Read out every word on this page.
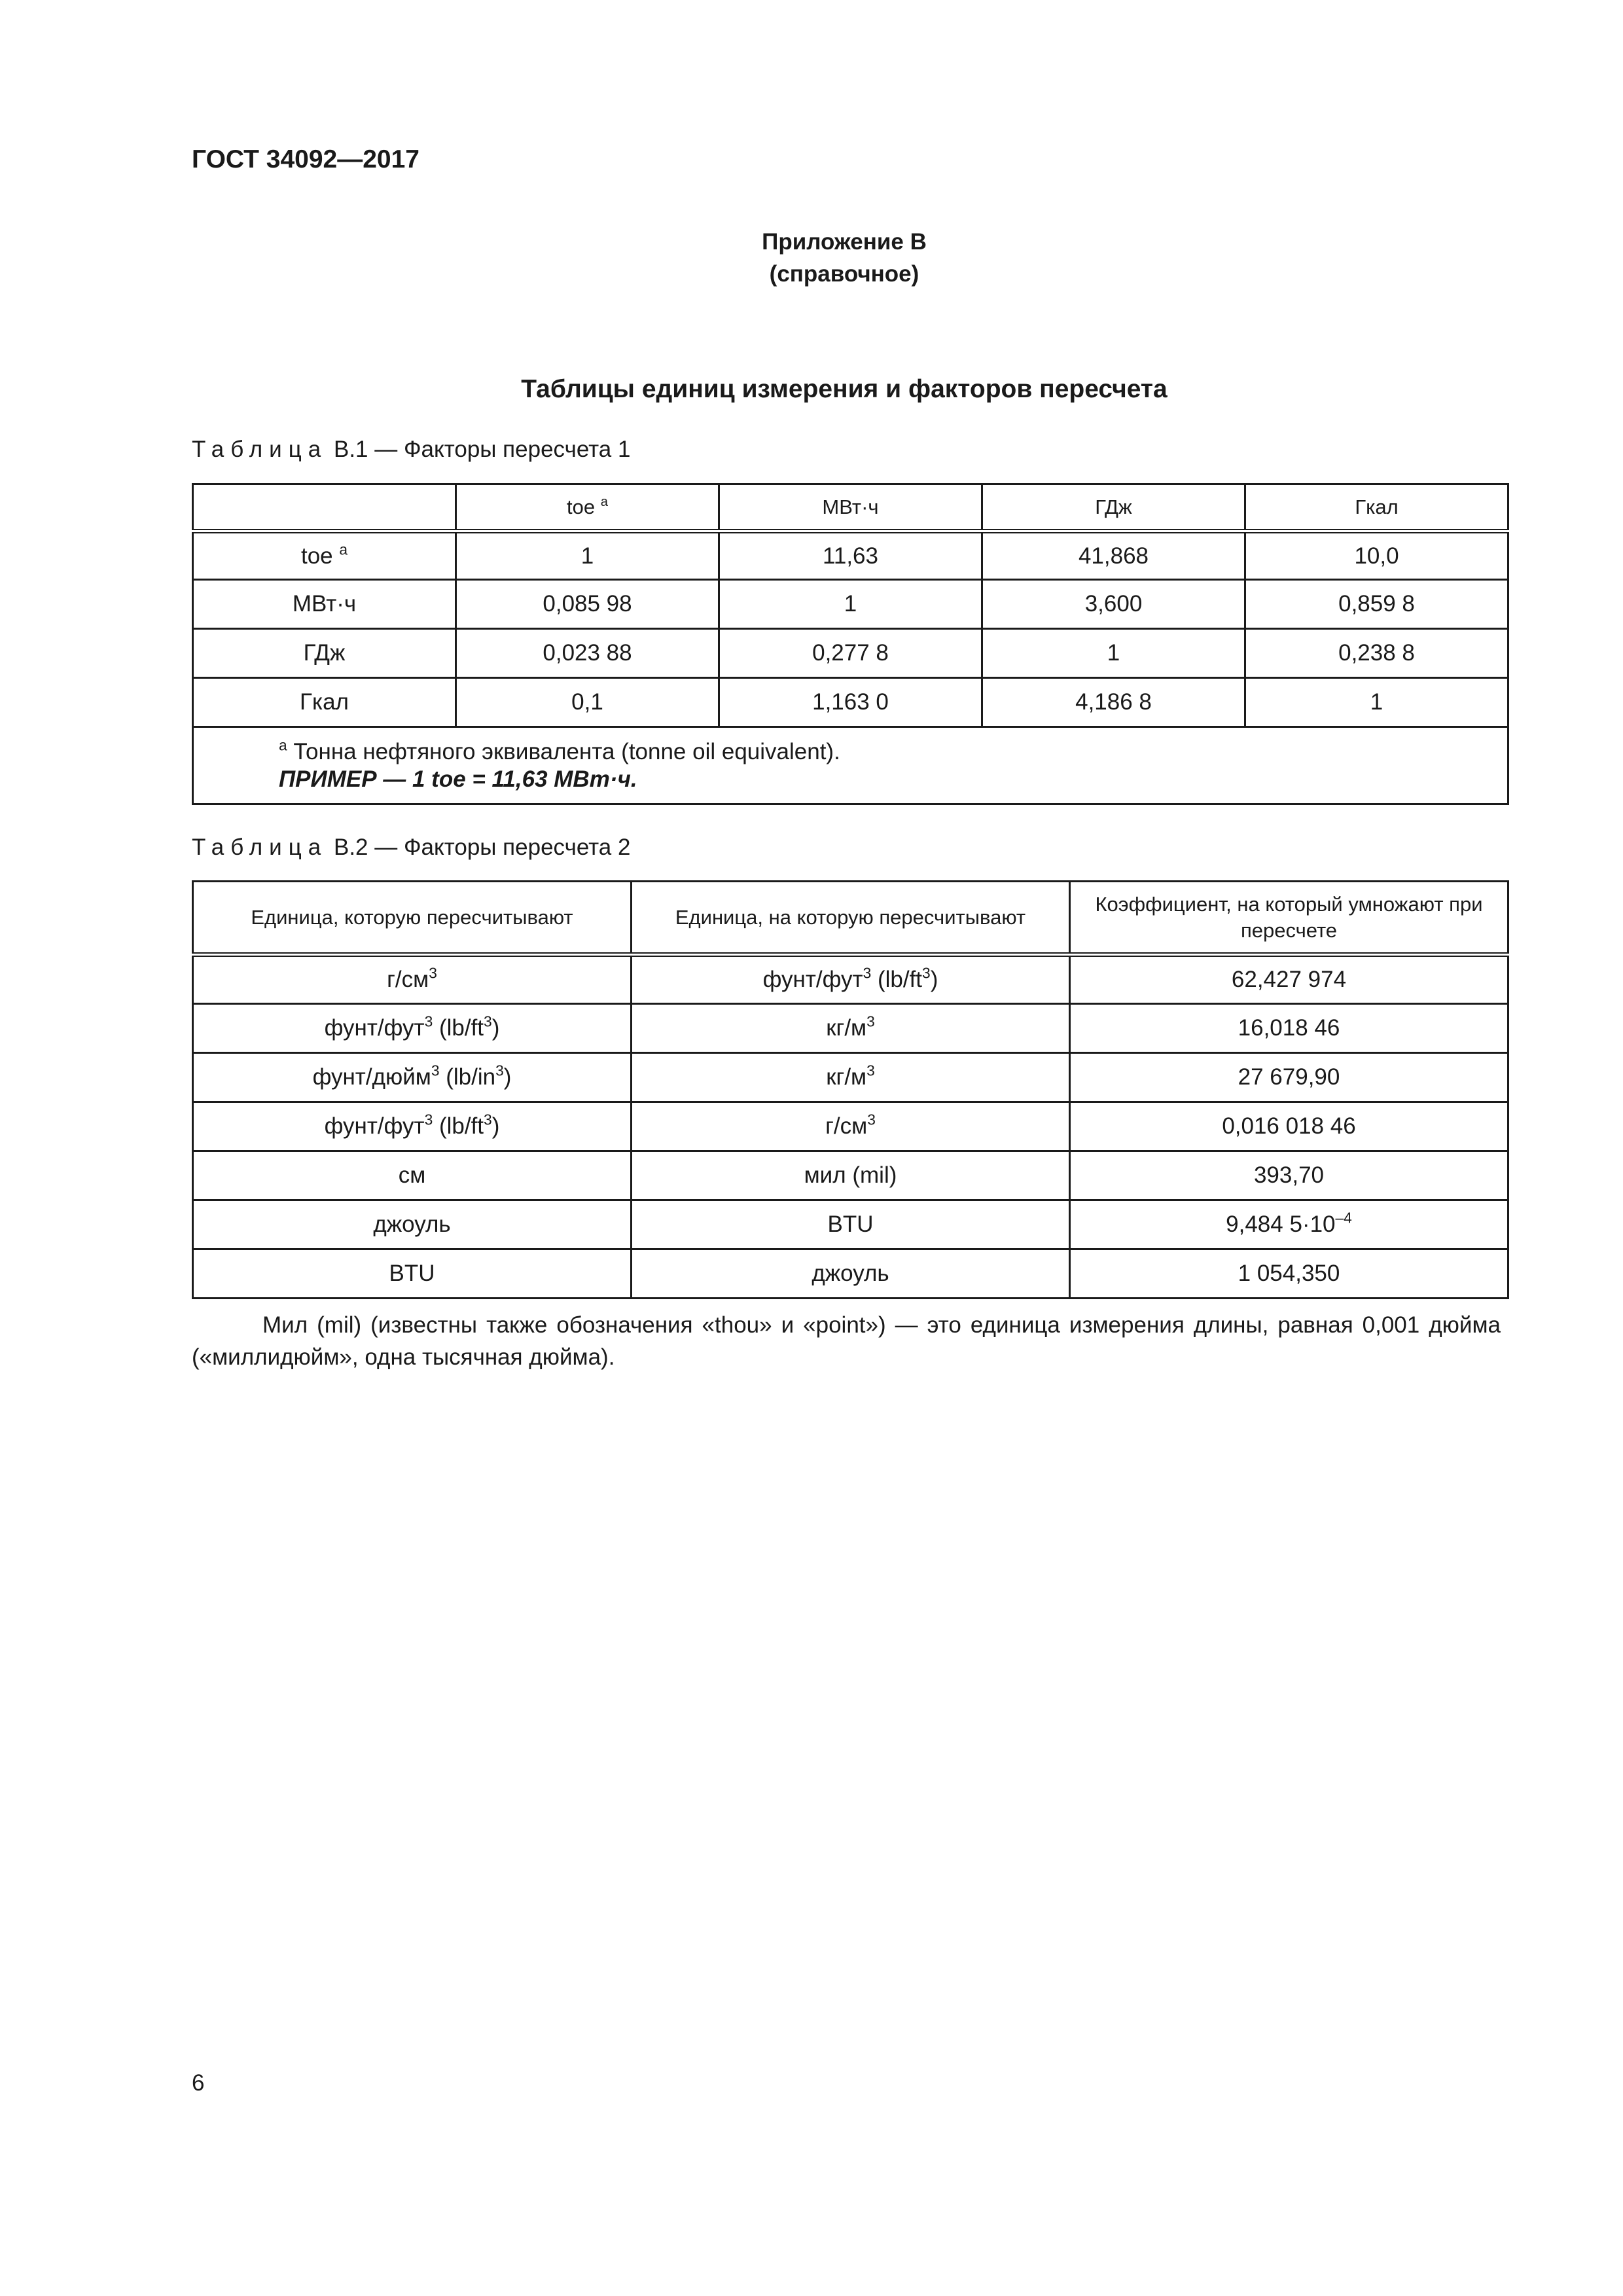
ГОСТ 34092—2017
Приложение В
(справочное)
Таблицы единиц измерения и факторов пересчета
Таблица В.1 — Факторы пересчета 1
	toe $^а$	МВт·ч	ГДж	Гкал
toe $^а$	1	11,63	41,868	10,0
МВт·ч	0,085 98	1	3,600	0,859 8
ГДж	0,023 88	0,277 8	1	0,238 8
Гкал	0,1	1,163 0	4,186 8	1

$^а$ Тонна нефтяного эквивалента (tonne oil equivalent).
ПРИМЕР — 1 toe = 11,63 МВт·ч.				
Таблица В.2 — Факторы пересчета 2
Единица, которую пересчитывают	Единица, на которую пересчитывают	Коэффициент, на который умножают при пересчете
$г/см^3$	фунт/фут$^3$ $(lb/ft^3)$	62,427 974
фунт/фут$^3$ $(lb/ft^3)$	$кг/м^3$	16,018 46
фунт/дюйм$^3$ $(lb/in^3)$	$кг/м^3$	27 679,90
фунт/фут$^3$ $(lb/ft^3)$	$г/см^3$	0,016 018 46
см	мил (mil)	393,70
джоуль	BTU	9,484 $5\cdot 10^{-4}$
BTU	джоуль	1 054,350
Мил (mil) (известны также обозначения «thou» и «point») — это единица измерения длины, равная 0,001 дюйма («миллидюйм», одна тысячная дюйма).
6
